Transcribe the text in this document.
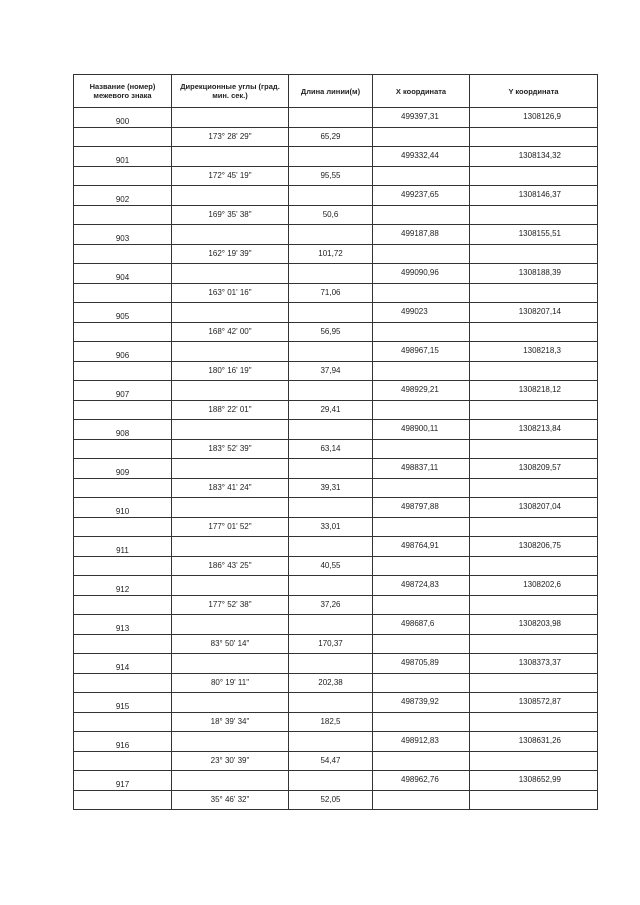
Название (номер) межевого знака	Дирекционные углы (град. мин. сек.)	Длина линии(м)	X координата	Y координата
900			499397,31	1308126,9
	173° 28' 29"	65,29		
901			499332,44	1308134,32
	172° 45' 19"	95,55		
902			499237,65	1308146,37
	169° 35' 38"	50,6		
903			499187,88	1308155,51
	162° 19' 39"	101,72		
904			499090,96	1308188,39
	163° 01' 16"	71,06		
905			499023	1308207,14
	168° 42' 00"	56,95		
906			498967,15	1308218,3
	180° 16' 19"	37,94		
907			498929,21	1308218,12
	188° 22' 01"	29,41		
908			498900,11	1308213,84
	183° 52' 39"	63,14		
909			498837,11	1308209,57
	183° 41' 24"	39,31		
910			498797,88	1308207,04
	177° 01' 52"	33,01		
911			498764,91	1308206,75
	186° 43' 25"	40,55		
912			498724,83	1308202,6
	177° 52' 38"	37,26		
913			498687,6	1308203,98
	83° 50' 14"	170,37		
914			498705,89	1308373,37
	80° 19' 11"	202,38		
915			498739,92	1308572,87
	18° 39' 34"	182,5		
916			498912,83	1308631,26
	23° 30' 39"	54,47		
917			498962,76	1308652,99
	35° 46' 32"	52,05		
